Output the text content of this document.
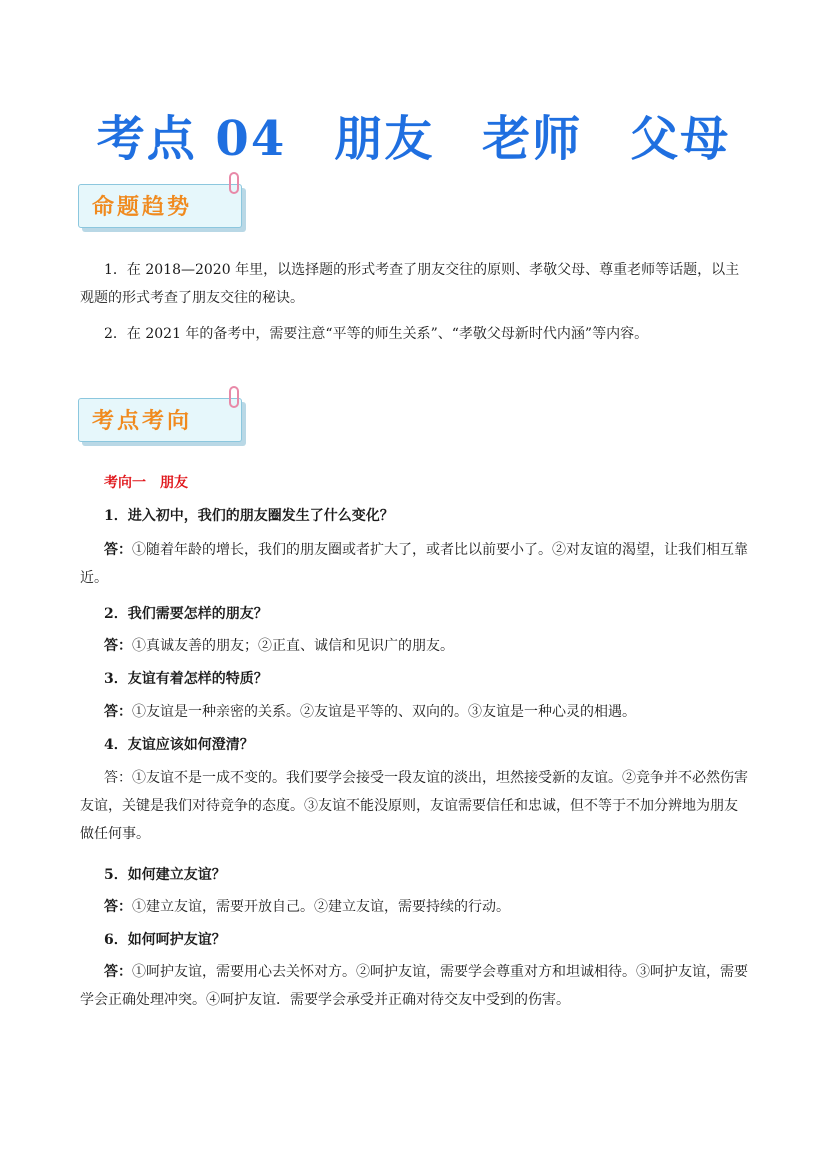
考点 04 朋友 老师 父母
命题趋势
1．在 2018—2020 年里，以选择题的形式考查了朋友交往的原则、孝敬父母、尊重老师等话题，以主观题的形式考查了朋友交往的秘诀。
2．在 2021 年的备考中，需要注意“平等的师生关系”、“孝敬父母新时代内涵”等内容。
考点考向
考向一　朋友
1．进入初中，我们的朋友圈发生了什么变化？
答：①随着年龄的增长，我们的朋友圈或者扩大了，或者比以前要小了。②对友谊的渴望，让我们相互靠近。
2．我们需要怎样的朋友？
答：①真诚友善的朋友；②正直、诚信和见识广的朋友。
3．友谊有着怎样的特质？
答：①友谊是一种亲密的关系。②友谊是平等的、双向的。③友谊是一种心灵的相遇。
4．友谊应该如何澄清？
答：①友谊不是一成不变的。我们要学会接受一段友谊的淡出，坦然接受新的友谊。②竞争并不必然伤害友谊，关键是我们对待竞争的态度。③友谊不能没原则，友谊需要信任和忠诚，但不等于不加分辨地为朋友做任何事。
5．如何建立友谊？
答：①建立友谊，需要开放自己。②建立友谊，需要持续的行动。
6．如何呵护友谊？
答：①呵护友谊，需要用心去关怀对方。②呵护友谊，需要学会尊重对方和坦诚相待。③呵护友谊，需要学会正确处理冲突。④呵护友谊．需要学会承受并正确对待交友中受到的伤害。
